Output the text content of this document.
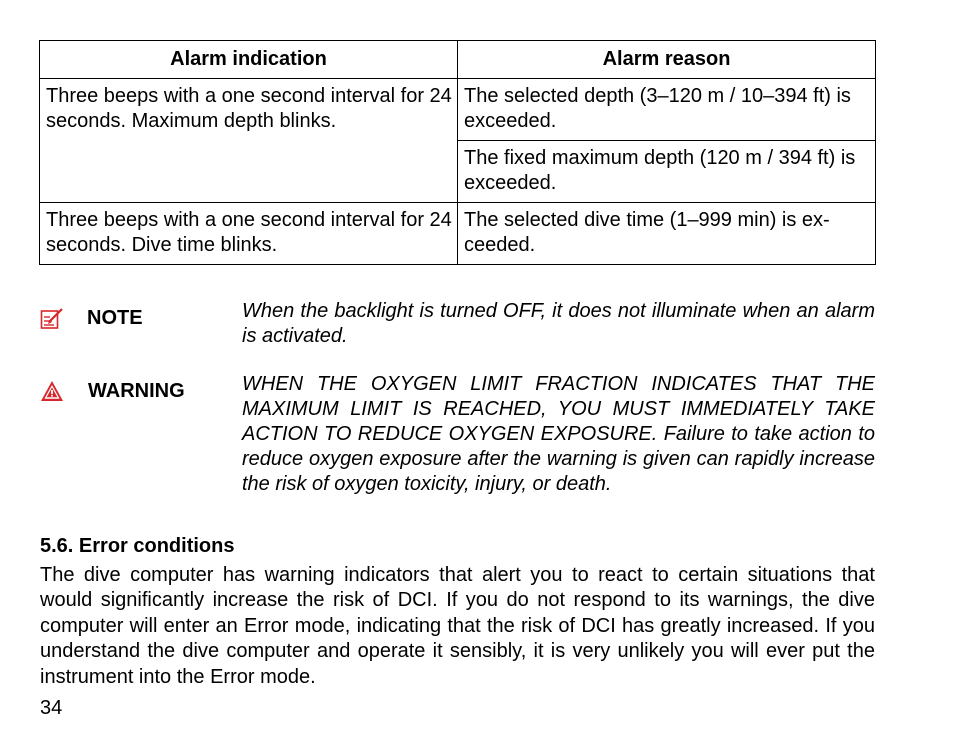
Alarm indication	Alarm reason
Three beeps with a one second interval for 24 seconds. Maximum depth blinks.	The selected depth (3–120 m / 10–394 ft) is exceeded.
	The fixed maximum depth (120 m / 394 ft) is exceeded.
Three beeps with a one second interval for 24 seconds. Dive time blinks.	The selected dive time (1–999 min) is ex-ceeded.
NOTE	When the backlight is turned OFF, it does not illuminate when an alarm is activated.
WARNING	WHEN THE OXYGEN LIMIT FRACTION INDICATES THAT THE MAXIMUM LIMIT IS REACHED, YOU MUST IMMEDIATELY TAKE ACTION TO REDUCE OXYGEN EXPOSURE. Failure to take action to reduce oxygen exposure after the warning is given can rapidly increase the risk of oxygen toxicity, injury, or death.
5.6. Error conditions
The dive computer has warning indicators that alert you to react to certain situations that would significantly increase the risk of DCI. If you do not respond to its warnings, the dive computer will enter an Error mode, indicating that the risk of DCI has greatly increased. If you understand the dive computer and operate it sensibly, it is very unlikely you will ever put the instrument into the Error mode.
34
